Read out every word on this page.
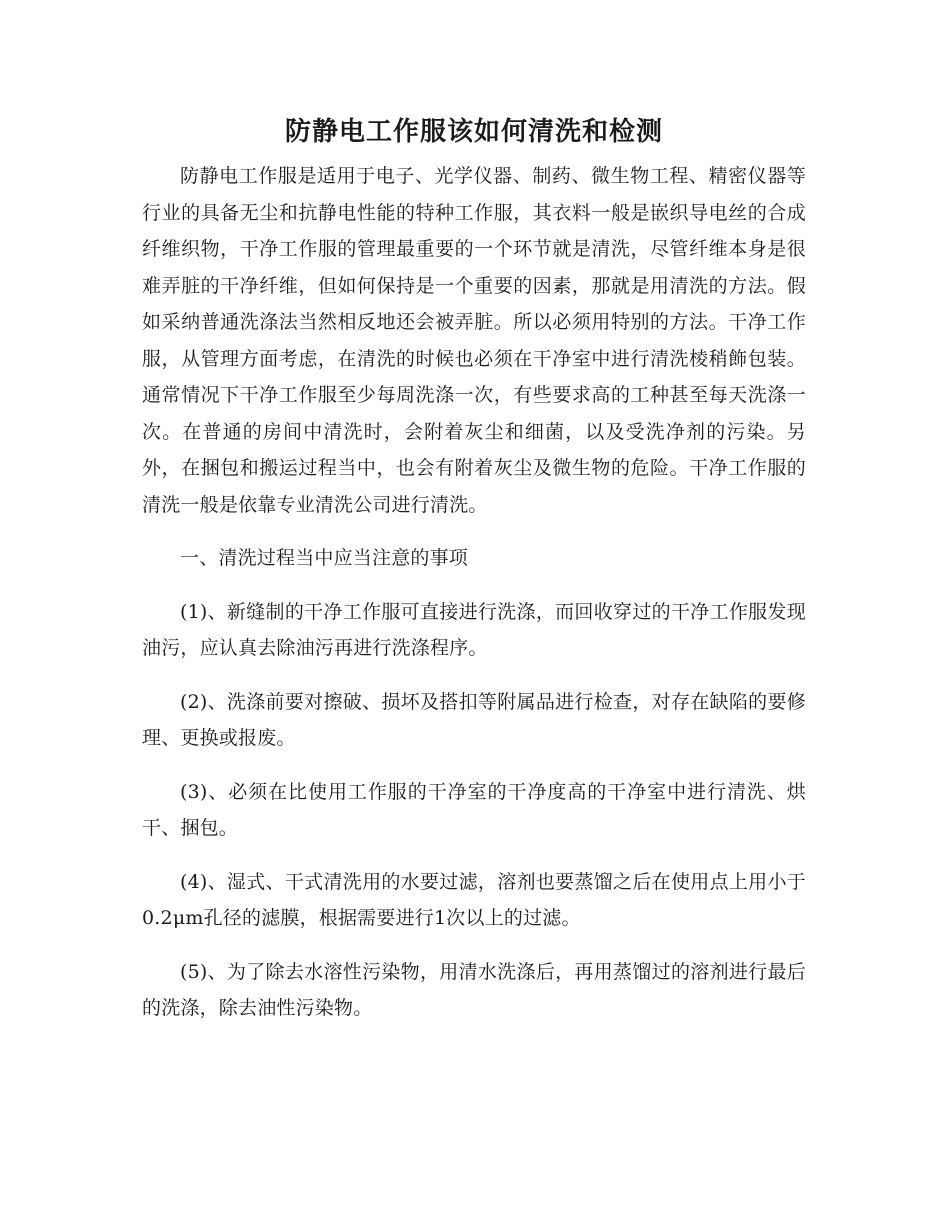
防静电工作服该如何清洗和检测

防静电工作服是适用于电子、光学仪器、制药、微生物工程、精密仪器等行业的具备无尘和抗静电性能的特种工作服，其衣料一般是嵌织导电丝的合成纤维织物，干净工作服的管理最重要的一个环节就是清洗，尽管纤维本身是很难弄脏的干净纤维，但如何保持是一个重要的因素，那就是用清洗的方法。假如采纳普通洗涤法当然相反地还会被弄脏。所以必须用特别的方法。干净工作服，从管理方面考虑，在清洗的时候也必须在干净室中进行清洗棱稍飾包装。通常情况下干净工作服至少每周洗涤一次，有些要求高的工种甚至每天洗涤一次。在普通的房间中清洗时，会附着灰尘和细菌，以及受洗净剂的污染。另外，在捆包和搬运过程当中，也会有附着灰尘及微生物的危险。干净工作服的清洗一般是依靠专业清洗公司进行清洗。

一、清洗过程当中应当注意的事项

(1)、新缝制的干净工作服可直接进行洗涤，而回收穿过的干净工作服发现油污，应认真去除油污再进行洗涤程序。

(2)、洗涤前要对擦破、损坏及搭扣等附属品进行检查，对存在缺陷的要修理、更换或报废。

(3)、必须在比使用工作服的干净室的干净度高的干净室中进行清洗、烘干、捆包。

(4)、湿式、干式清洗用的水要过滤，溶剂也要蒸馏之后在使用点上用小于0.2μm孔径的滤膜，根据需要进行1次以上的过滤。

(5)、为了除去水溶性污染物，用清水洗涤后，再用蒸馏过的溶剂进行最后的洗涤，除去油性污染物。
